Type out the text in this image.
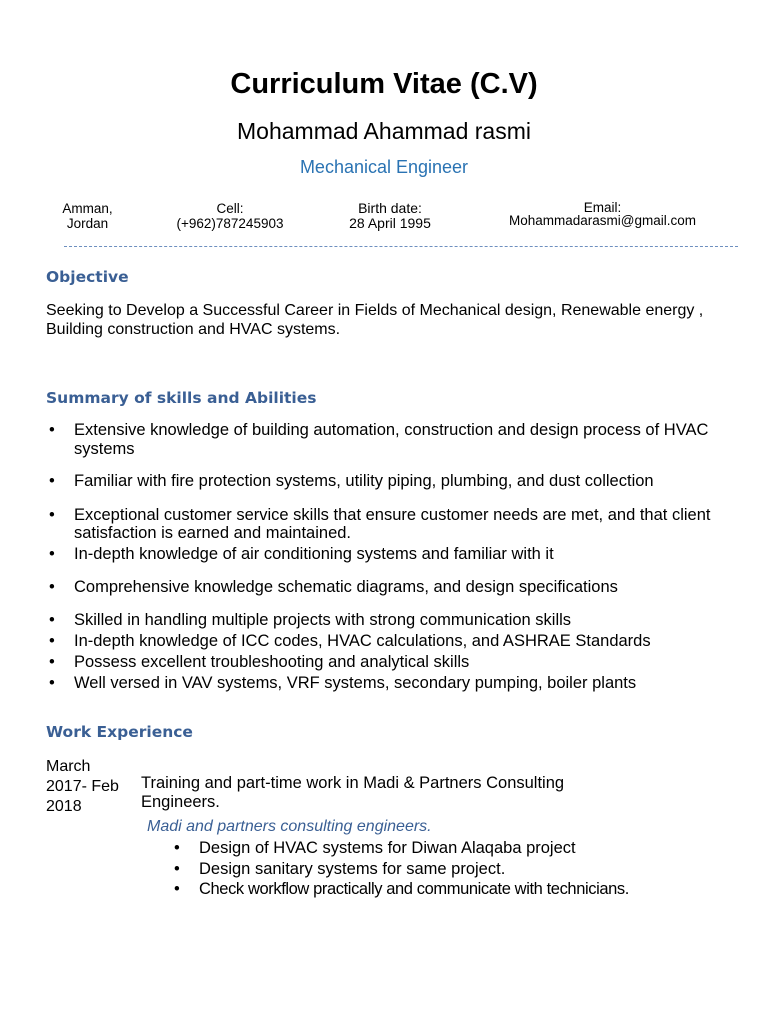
Curriculum Vitae (C.V)
Mohammad Ahammad rasmi
Mechanical Engineer
Amman,
Jordan
Cell:
(+962)787245903
Birth date:
28 April 1995
Email:
Mohammadarasmi@gmail.com
Objective
Seeking to Develop a Successful Career in Fields of Mechanical design, Renewable energy ,
Building construction and HVAC systems.
Summary of skills and Abilities
• Extensive knowledge of building automation, construction and design process of HVAC systems
• Familiar with fire protection systems, utility piping, plumbing, and dust collection
• Exceptional customer service skills that ensure customer needs are met, and that client satisfaction is earned and maintained.
• In-depth knowledge of air conditioning systems and familiar with it
• Comprehensive knowledge schematic diagrams, and design specifications
• Skilled in handling multiple projects with strong communication skills
• In-depth knowledge of ICC codes, HVAC calculations, and ASHRAE Standards
• Possess excellent troubleshooting and analytical skills
• Well versed in VAV systems, VRF systems, secondary pumping, boiler plants
Work Experience
March
2017- Feb
2018
Training and part-time work in Madi & Partners Consulting Engineers.
Madi and partners consulting engineers.
• Design of HVAC systems for Diwan Alaqaba project
• Design sanitary systems for same project.
• Check workflow practically and communicate with technicians.
